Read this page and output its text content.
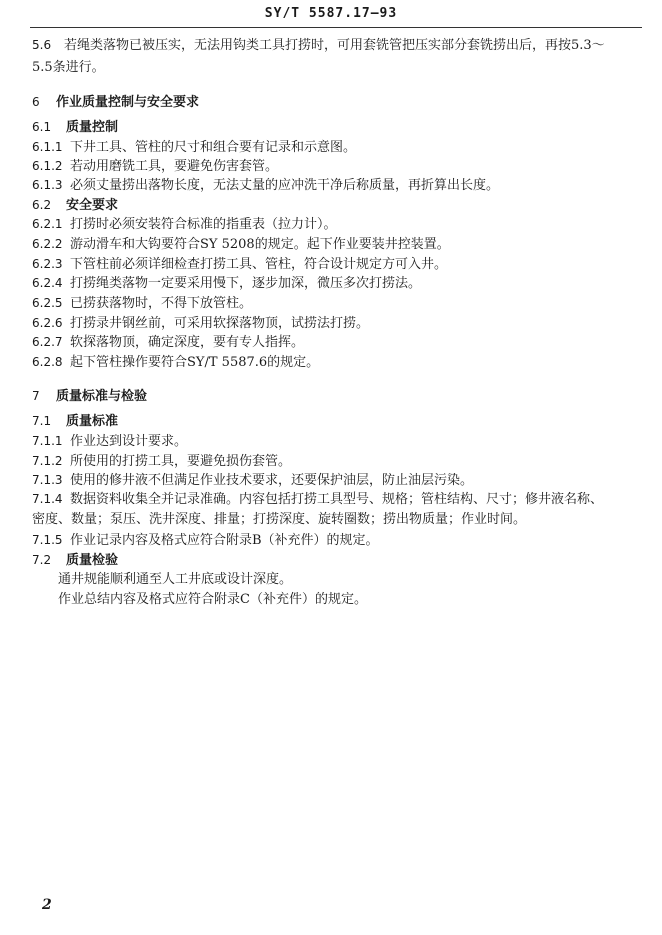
SY/T 5587.17—93
5.6 若绳类落物已被压实，无法用钩类工具打捞时，可用套铣管把压实部分套铣捞出后，再按5.3～
5.5条进行。
6 作业质量控制与安全要求
6.1 质量控制
6.1.1 下井工具、管柱的尺寸和组合要有记录和示意图。
6.1.2 若动用磨铣工具，要避免伤害套管。
6.1.3 必须丈量捞出落物长度，无法丈量的应冲洗干净后称质量，再折算出长度。
6.2 安全要求
6.2.1 打捞时必须安装符合标准的指重表（拉力计）。
6.2.2 游动滑车和大钩要符合SY 5208的规定。起下作业要装井控装置。
6.2.3 下管柱前必须详细检查打捞工具、管柱，符合设计规定方可入井。
6.2.4 打捞绳类落物一定要采用慢下，逐步加深，微压多次打捞法。
6.2.5 已捞获落物时，不得下放管柱。
6.2.6 打捞录井钢丝前，可采用软探落物顶，试捞法打捞。
6.2.7 软探落物顶，确定深度，要有专人指挥。
6.2.8 起下管柱操作要符合SY/T 5587.6的规定。
7 质量标准与检验
7.1 质量标准
7.1.1 作业达到设计要求。
7.1.2 所使用的打捞工具，要避免损伤套管。
7.1.3 使用的修井液不但满足作业技术要求，还要保护油层，防止油层污染。
7.1.4 数据资料收集全并记录准确。内容包括打捞工具型号、规格；管柱结构、尺寸；修井液名称、
密度、数量；泵压、洗井深度、排量；打捞深度、旋转圈数；捞出物质量；作业时间。
7.1.5 作业记录内容及格式应符合附录B（补充件）的规定。
7.2 质量检验
通井规能顺利通至人工井底或设计深度。
作业总结内容及格式应符合附录C（补充件）的规定。
2
